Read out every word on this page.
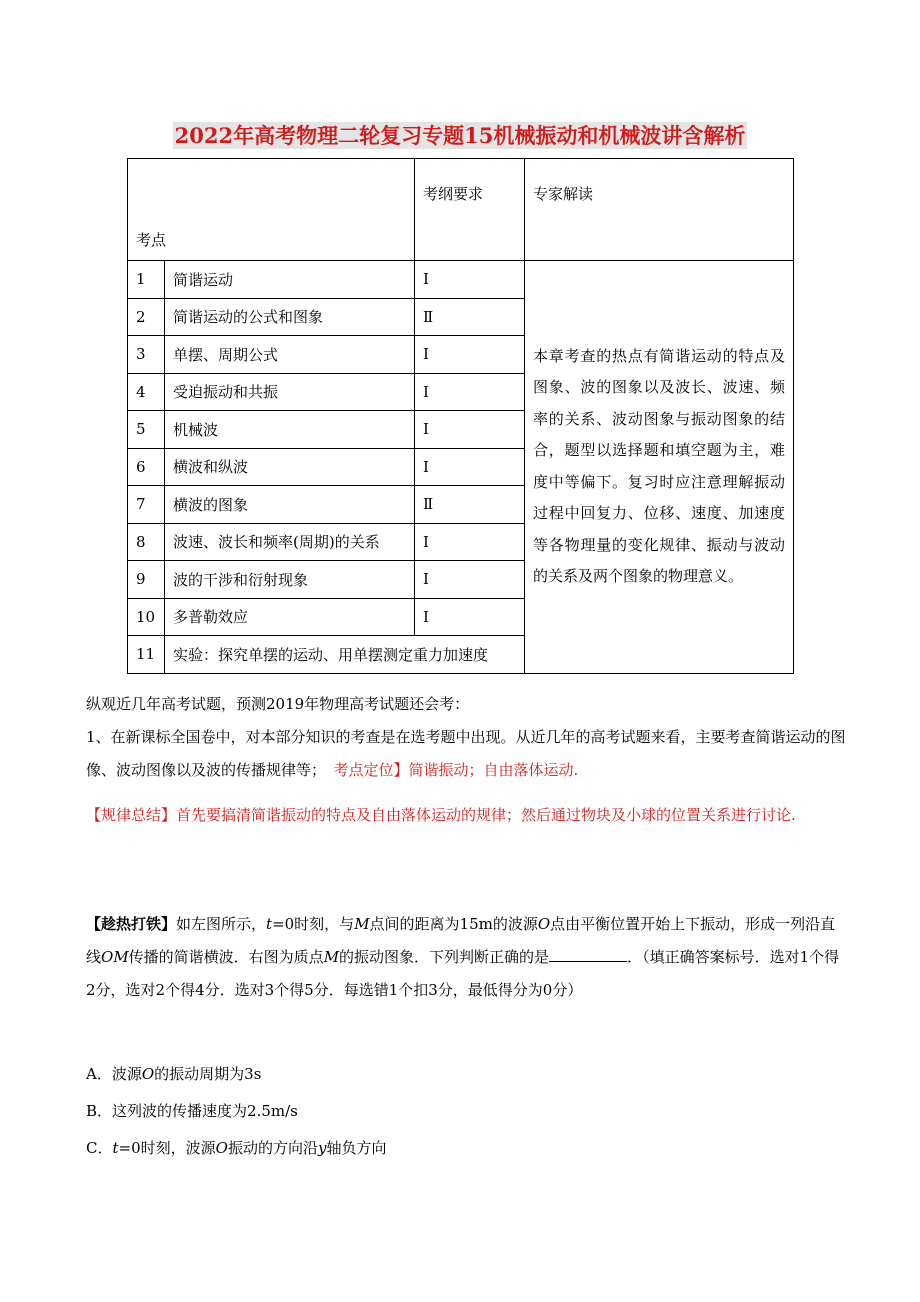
2022年高考物理二轮复习专题15机械振动和机械波讲含解析
考点		考纲要求	专家解读
1	简谐运动	Ⅰ	本章考查的热点有简谐运动的特点及图象、波的图象以及波长、波速、频率的关系、波动图象与振动图象的结合，题型以选择题和填空题为主，难度中等偏下。复习时应注意理解振动过程中回复力、位移、速度、加速度等各物理量的变化规律、振动与波动的关系及两个图象的物理意义。
2	简谐运动的公式和图象	Ⅱ	
3	单摆、周期公式	Ⅰ	
4	受迫振动和共振	Ⅰ	
5	机械波	Ⅰ	
6	横波和纵波	Ⅰ	
7	横波的图象	Ⅱ	
8	波速、波长和频率(周期)的关系	Ⅰ	
9	波的干涉和衍射现象	Ⅰ	
10	多普勒效应	Ⅰ	
11	实验：探究单摆的运动、用单摆测定重力加速度		
纵观近几年高考试题，预测2019年物理高考试题还会考：
1、在新课标全国卷中，对本部分知识的考查是在选考题中出现。从近几年的高考试题来看，主要考查简谐运动的图像、波动图像以及波的传播规律等；　 考点定位】简谐振动；自由落体运动.
【规律总结】首先要搞清简谐振动的特点及自由落体运动的规律；然后通过物块及小球的位置关系进行讨论.
【趁热打铁】如左图所示，t=0时刻，与M点间的距离为15m的波源O点由平衡位置开始上下振动，形成一列沿直线OM传播的简谐横波．右图为质点M的振动图象．下列判断正确的是	．（填正确答案标号．选对1个得2分，选对2个得4分．选对3个得5分．每选错1个扣3分，最低得分为0分）
A．波源O的振动周期为3s
B．这列波的传播速度为2.5m/s
C．t=0时刻，波源O振动的方向沿y轴负方向
